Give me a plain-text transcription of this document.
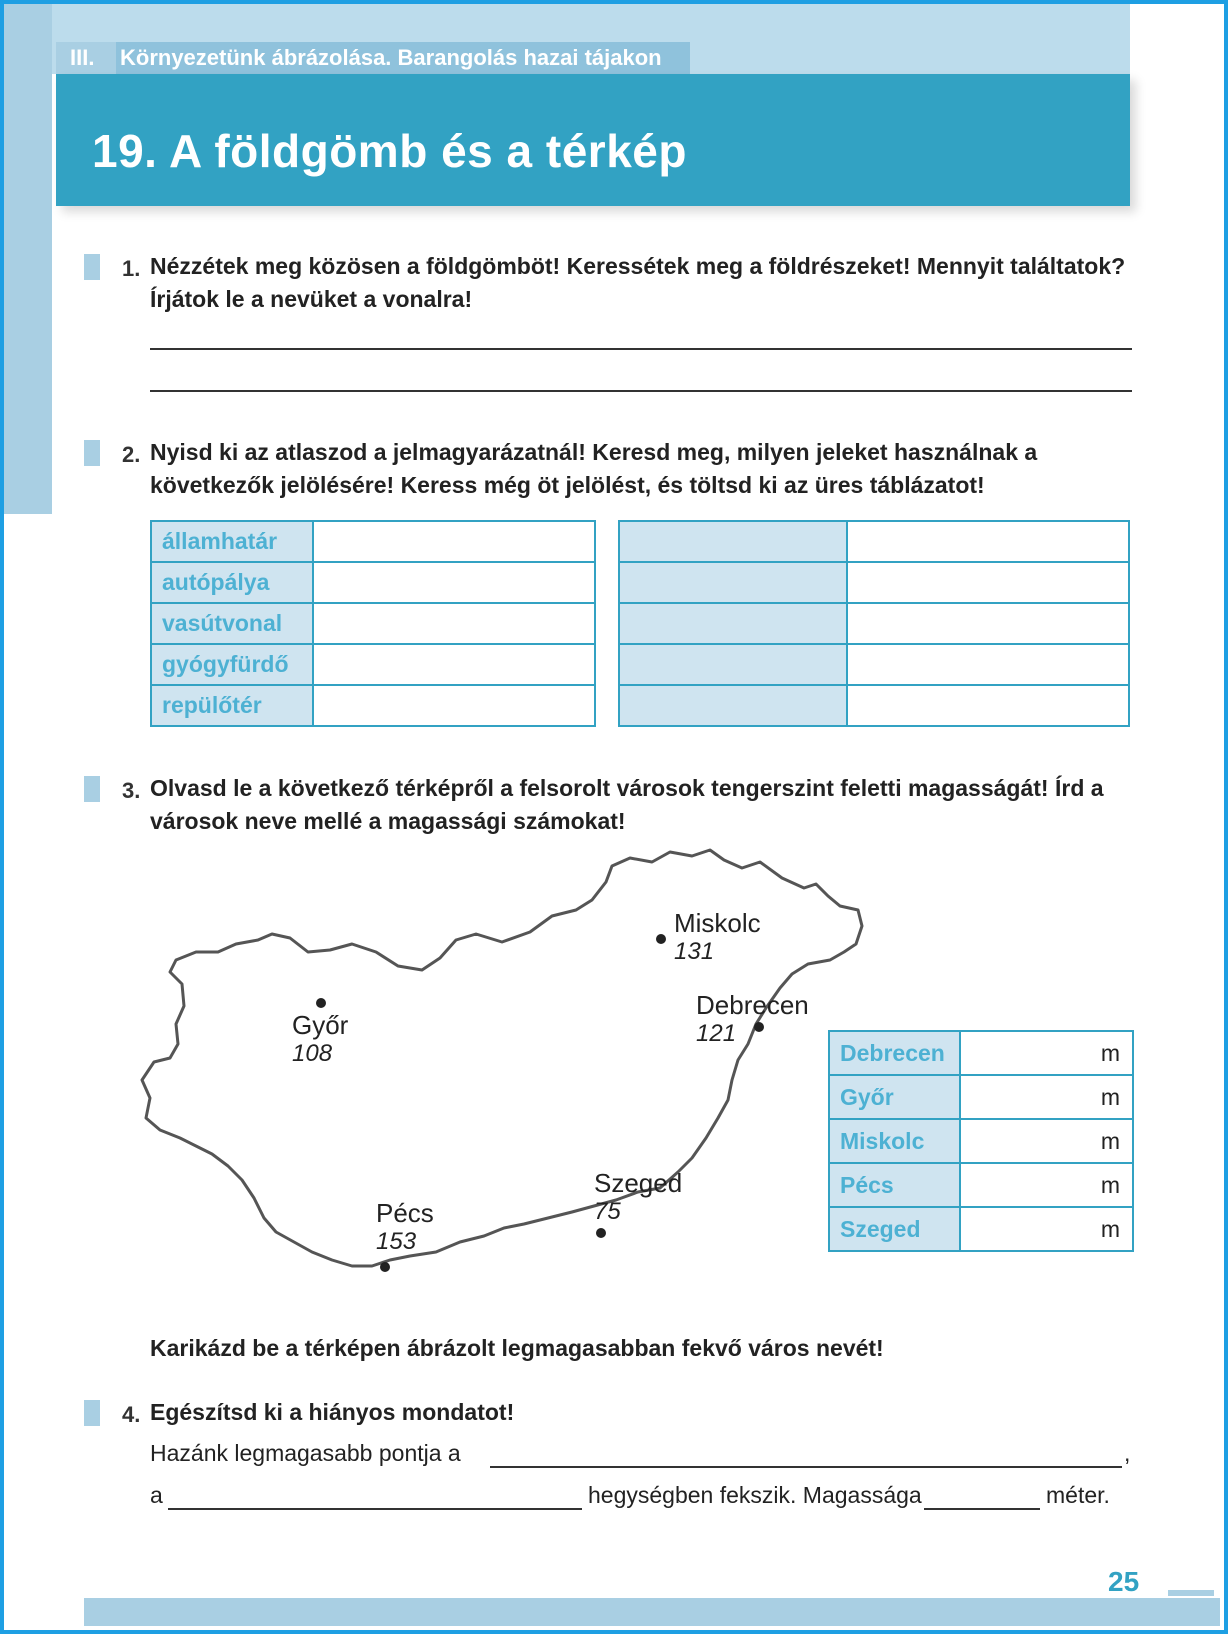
III. Környezetünk ábrázolása. Barangolás hazai tájakon
19. A földgömb és a térkép
1. Nézzétek meg közösen a földgömböt! Keressétek meg a földrészeket! Mennyit találtatok? Írjátok le a nevüket a vonalra!
2. Nyisd ki az atlaszod a jelmagyarázatnál! Keresd meg, milyen jeleket használnak a következők jelölésére! Keress még öt jelölést, és töltsd ki az üres táblázatot!
államhatár	
autópálya	
vasútvonal	
gyógyfürdő	
repülőtér	

3. Olvasd le a következő térképről a felsorolt városok tengerszint feletti magasságát! Írd a városok neve mellé a magassági számokat!
Miskolc
131
Győr
108
Debrecen
121
Szeged
75
Pécs
153
Debrecen	m
Győr	m
Miskolc	m
Pécs	m
Szeged	m
Karikázd be a térképen ábrázolt legmagasabban fekvő város nevét!
4. Egészítsd ki a hiányos mondatot!
Hazánk legmagasabb pontja a	,
a	hegységben fekszik. Magassága	méter.
25
